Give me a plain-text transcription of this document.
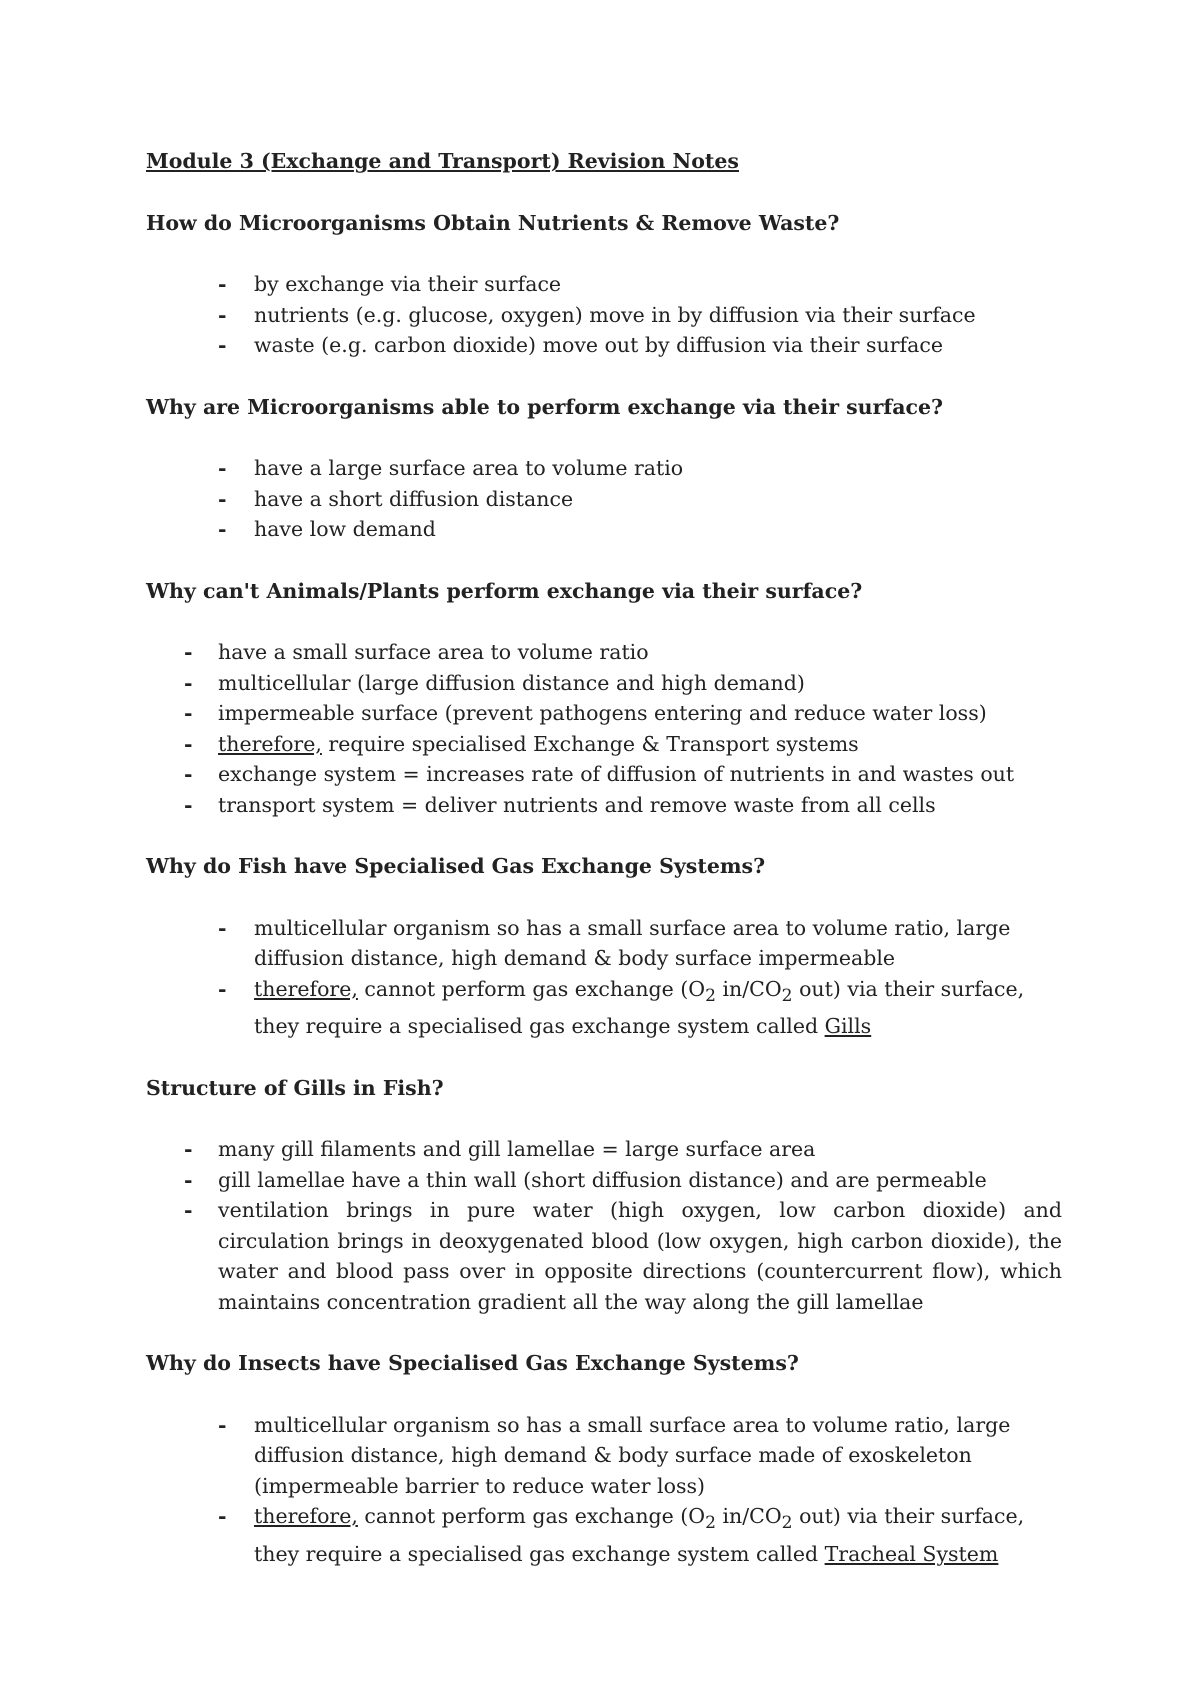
Module 3 (Exchange and Transport) Revision Notes
How do Microorganisms Obtain Nutrients & Remove Waste?
- by exchange via their surface
- nutrients (e.g. glucose, oxygen) move in by diffusion via their surface
- waste (e.g. carbon dioxide) move out by diffusion via their surface
Why are Microorganisms able to perform exchange via their surface?
- have a large surface area to volume ratio
- have a short diffusion distance
- have low demand
Why can't Animals/Plants perform exchange via their surface?
- have a small surface area to volume ratio
- multicellular (large diffusion distance and high demand)
- impermeable surface (prevent pathogens entering and reduce water loss)
- therefore, require specialised Exchange & Transport systems
- exchange system = increases rate of diffusion of nutrients in and wastes out
- transport system = deliver nutrients and remove waste from all cells
Why do Fish have Specialised Gas Exchange Systems?
- multicellular organism so has a small surface area to volume ratio, large diffusion distance, high demand & body surface impermeable
- therefore, cannot perform gas exchange ($O_2$ $in/CO_2$ out) via their surface, they require a specialised gas exchange system called Gills
Structure of Gills in Fish?
- many gill filaments and gill lamellae = large surface area
- gill lamellae have a thin wall (short diffusion distance) and are permeable
- ventilation brings in pure water (high oxygen, low carbon dioxide) and circulation brings in deoxygenated blood (low oxygen, high carbon dioxide), the water and blood pass over in opposite directions (countercurrent flow), which maintains concentration gradient all the way along the gill lamellae
Why do Insects have Specialised Gas Exchange Systems?
- multicellular organism so has a small surface area to volume ratio, large diffusion distance, high demand & body surface made of exoskeleton (impermeable barrier to reduce water loss)
- therefore, cannot perform gas exchange ($O_2$ $in/CO_2$ out) via their surface, they require a specialised gas exchange system called Tracheal System
